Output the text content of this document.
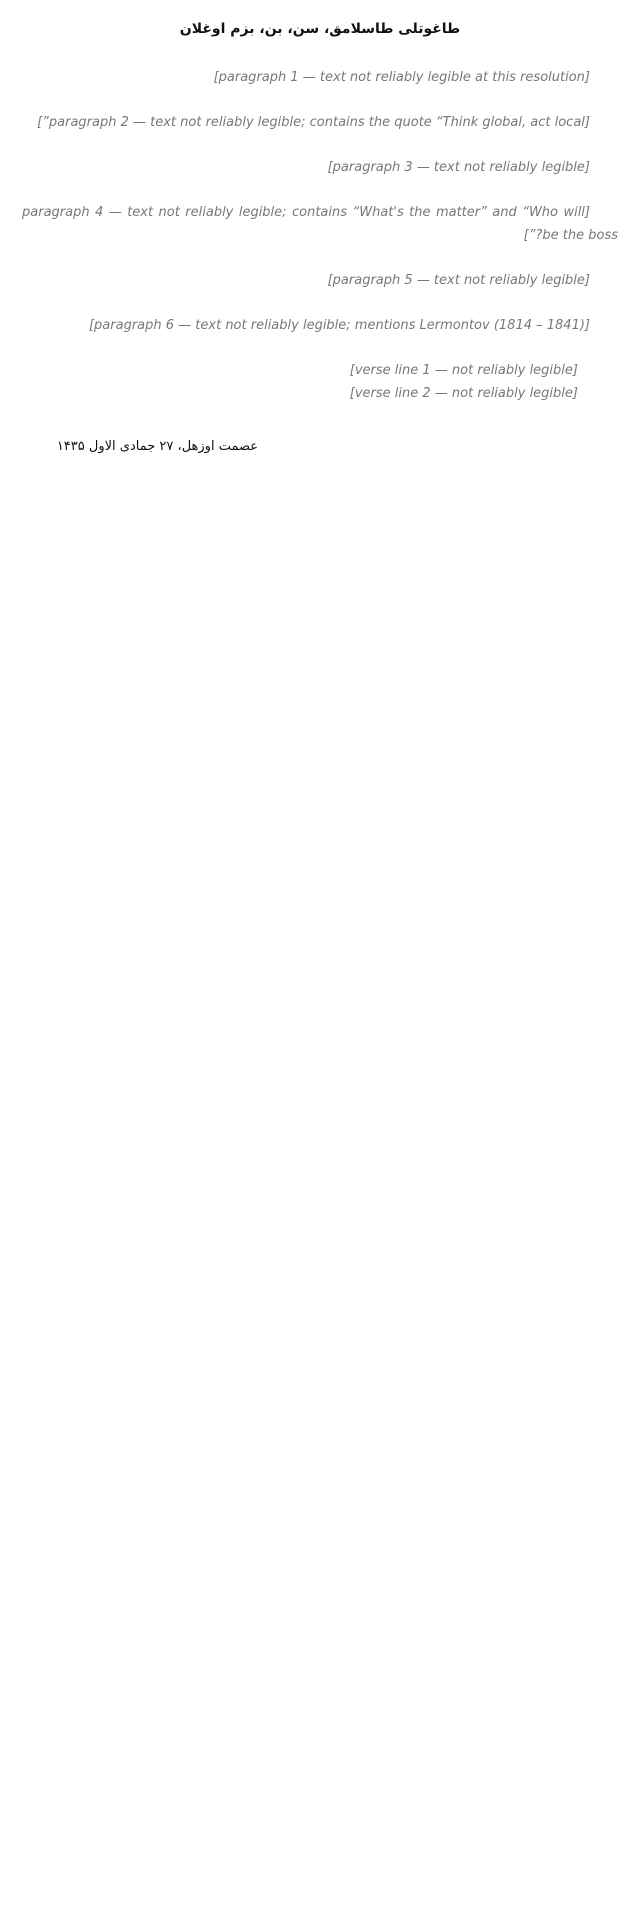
طاغوتلی طاسلامق، سن، بن، بزم اوغلان

[paragraph 1 — text not reliably legible at this resolution]

[paragraph 2 — text not reliably legible; contains the quote “Think global, act local”]

[paragraph 3 — text not reliably legible]

[paragraph 4 — text not reliably legible; contains “What's the matter” and “Who will be the boss?”]

[paragraph 5 — text not reliably legible]

[paragraph 6 — text not reliably legible; mentions Lermontov (1814 – 1841)]

[verse line 1 — not reliably legible]
[verse line 2 — not reliably legible]
عصمت اوزهل، ۲۷ جمادی الاول ۱۴۳۵
